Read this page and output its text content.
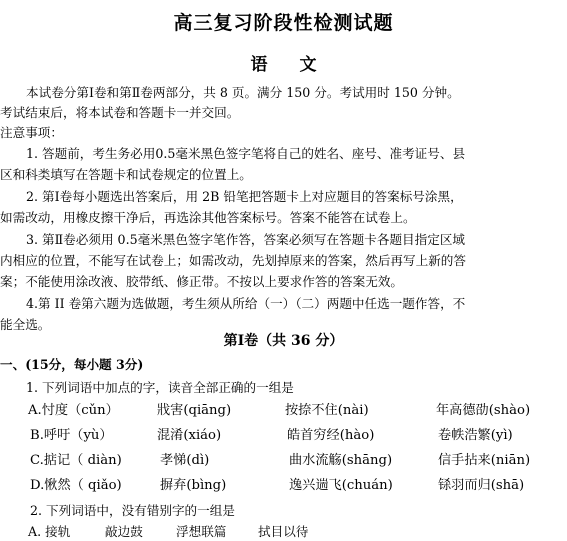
高三复习阶段性检测试题
语 文
本试卷分第Ⅰ卷和第Ⅱ卷两部分，共 8 页。满分 150 分。考试用时 150 分钟。
考试结束后，将本试卷和答题卡一并交回。
注意事项：
1. 答题前，考生务必用0.5毫米黑色签字笔将自己的姓名、座号、准考证号、县
区和科类填写在答题卡和试卷规定的位置上。
2. 第Ⅰ卷每小题选出答案后，用 2B 铅笔把答题卡上对应题目的答案标号涂黑，
如需改动，用橡皮擦干净后，再选涂其他答案标号。答案不能答在试卷上。
3. 第Ⅱ卷必须用 0.5毫米黑色签字笔作答，答案必须写在答题卡各题目指定区域
内相应的位置，不能写在试卷上；如需改动，先划掉原来的答案，然后再写上新的答
案；不能使用涂改液、胶带纸、修正带。不按以上要求作答的答案无效。
4.第 II 卷第六题为选做题，考生须从所给（一）（二）两题中任选一题作答，不
能全选。
第Ⅰ卷（共 36 分）
一、(15分，每小题 3分)
1. 下列词语中加点的字，读音全部正确的一组是
A.忖度（cǔn）	戕害(qiāng)	按捺不住(nài)	年高德劭(shào)
B.呼吁（yù）	混淆(xiáo)	皓首穷经(hào)	卷帙浩繁(yì)
C.掂记（ diàn)	孝悌(dì)	曲水流觞(shāng)	信手拈来(niān)
D.愀然（ qiǎo)	摒弃(bìng)	逸兴遄飞(chuán)	铩羽而归(shā)
2. 下列词语中，没有错别字的一组是
A. 接轨	敲边鼓	浮想联篇	拭目以待
